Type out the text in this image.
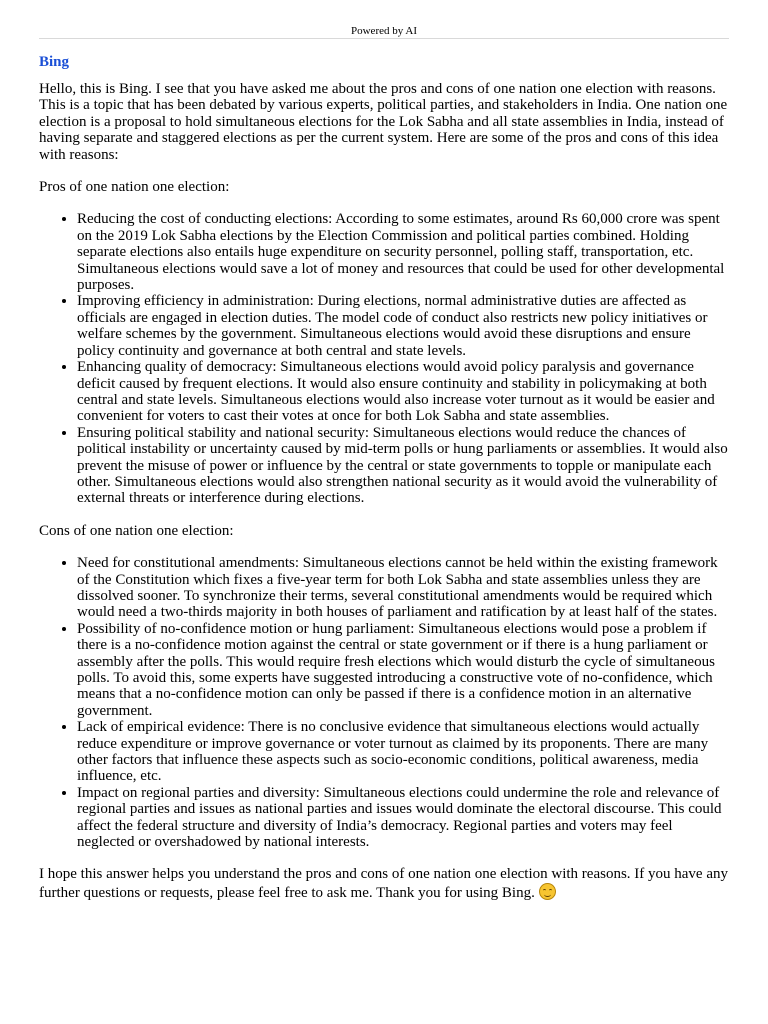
Powered by AI
Bing

Hello, this is Bing. I see that you have asked me about the pros and cons of one nation one election with reasons. This is a topic that has been debated by various experts, political parties, and stakeholders in India. One nation one election is a proposal to hold simultaneous elections for the Lok Sabha and all state assemblies in India, instead of having separate and staggered elections as per the current system. Here are some of the pros and cons of this idea with reasons:

Pros of one nation one election:

• Reducing the cost of conducting elections: According to some estimates, around Rs 60,000 crore was spent on the 2019 Lok Sabha elections by the Election Commission and political parties combined. Holding separate elections also entails huge expenditure on security personnel, polling staff, transportation, etc. Simultaneous elections would save a lot of money and resources that could be used for other developmental purposes.
• Improving efficiency in administration: During elections, normal administrative duties are affected as officials are engaged in election duties. The model code of conduct also restricts new policy initiatives or welfare schemes by the government. Simultaneous elections would avoid these disruptions and ensure policy continuity and governance at both central and state levels.
• Enhancing quality of democracy: Simultaneous elections would avoid policy paralysis and governance deficit caused by frequent elections. It would also ensure continuity and stability in policymaking at both central and state levels. Simultaneous elections would also increase voter turnout as it would be easier and convenient for voters to cast their votes at once for both Lok Sabha and state assemblies.
• Ensuring political stability and national security: Simultaneous elections would reduce the chances of political instability or uncertainty caused by mid-term polls or hung parliaments or assemblies. It would also prevent the misuse of power or influence by the central or state governments to topple or manipulate each other. Simultaneous elections would also strengthen national security as it would avoid the vulnerability of external threats or interference during elections.

Cons of one nation one election:

• Need for constitutional amendments: Simultaneous elections cannot be held within the existing framework of the Constitution which fixes a five-year term for both Lok Sabha and state assemblies unless they are dissolved sooner. To synchronize their terms, several constitutional amendments would be required which would need a two-thirds majority in both houses of parliament and ratification by at least half of the states.
• Possibility of no-confidence motion or hung parliament: Simultaneous elections would pose a problem if there is a no-confidence motion against the central or state government or if there is a hung parliament or assembly after the polls. This would require fresh elections which would disturb the cycle of simultaneous polls. To avoid this, some experts have suggested introducing a constructive vote of no-confidence, which means that a no-confidence motion can only be passed if there is a confidence motion in an alternative government.
• Lack of empirical evidence: There is no conclusive evidence that simultaneous elections would actually reduce expenditure or improve governance or voter turnout as claimed by its proponents. There are many other factors that influence these aspects such as socio-economic conditions, political awareness, media influence, etc.
• Impact on regional parties and diversity: Simultaneous elections could undermine the role and relevance of regional parties and issues as national parties and issues would dominate the electoral discourse. This could affect the federal structure and diversity of India’s democracy. Regional parties and voters may feel neglected or overshadowed by national interests.

I hope this answer helps you understand the pros and cons of one nation one election with reasons. If you have any further questions or requests, please feel free to ask me. Thank you for using Bing.
